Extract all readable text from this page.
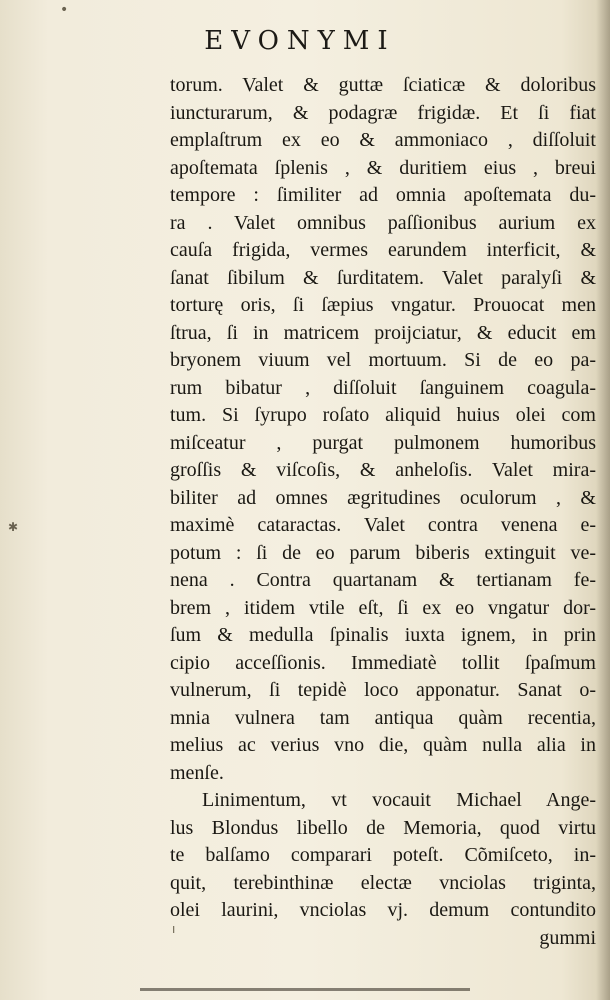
•
✱
ı
EVONYMI
torum. Valet & guttæ ſciaticæ & doloribus
iuncturarum, & podagræ frigidæ. Et ſi fiat
emplaſtrum ex eo & ammoniaco , diſſoluit
apoſtemata ſplenis , & duritiem eius , breui
tempore : ſimiliter ad omnia apoſtemata du-
ra . Valet omnibus paſſionibus aurium ex
cauſa frigida, vermes earundem interficit, &
ſanat ſibilum & ſurditatem. Valet paralyſi &
torturę oris, ſi ſæpius vngatur. Prouocat men
ſtrua, ſi in matricem proijciatur, & educit em
bryonem viuum vel mortuum. Si de eo pa-
rum bibatur , diſſoluit ſanguinem coagula-
tum. Si ſyrupo roſato aliquid huius olei com
miſceatur , purgat pulmonem humoribus
groſſis & viſcoſis, & anheloſis. Valet mira-
biliter ad omnes ægritudines oculorum , &
maximè cataractas. Valet contra venena e-
potum : ſi de eo parum biberis extinguit ve-
nena . Contra quartanam & tertianam fe-
brem , itidem vtile eſt, ſi ex eo vngatur dor-
ſum & medulla ſpinalis iuxta ignem, in prin
cipio acceſſionis. Immediatè tollit ſpaſmum
vulnerum, ſi tepidè loco apponatur. Sanat o-
mnia vulnera tam antiqua quàm recentia,
melius ac verius vno die, quàm nulla alia in
menſe.
Linimentum, vt vocauit Michael Ange-
lus Blondus libello de Memoria, quod virtu
te balſamo comparari poteſt. Cõmiſceto, in-
quit, terebinthinæ electæ vnciolas triginta,
olei laurini, vnciolas vj. demum contundito
gummi
